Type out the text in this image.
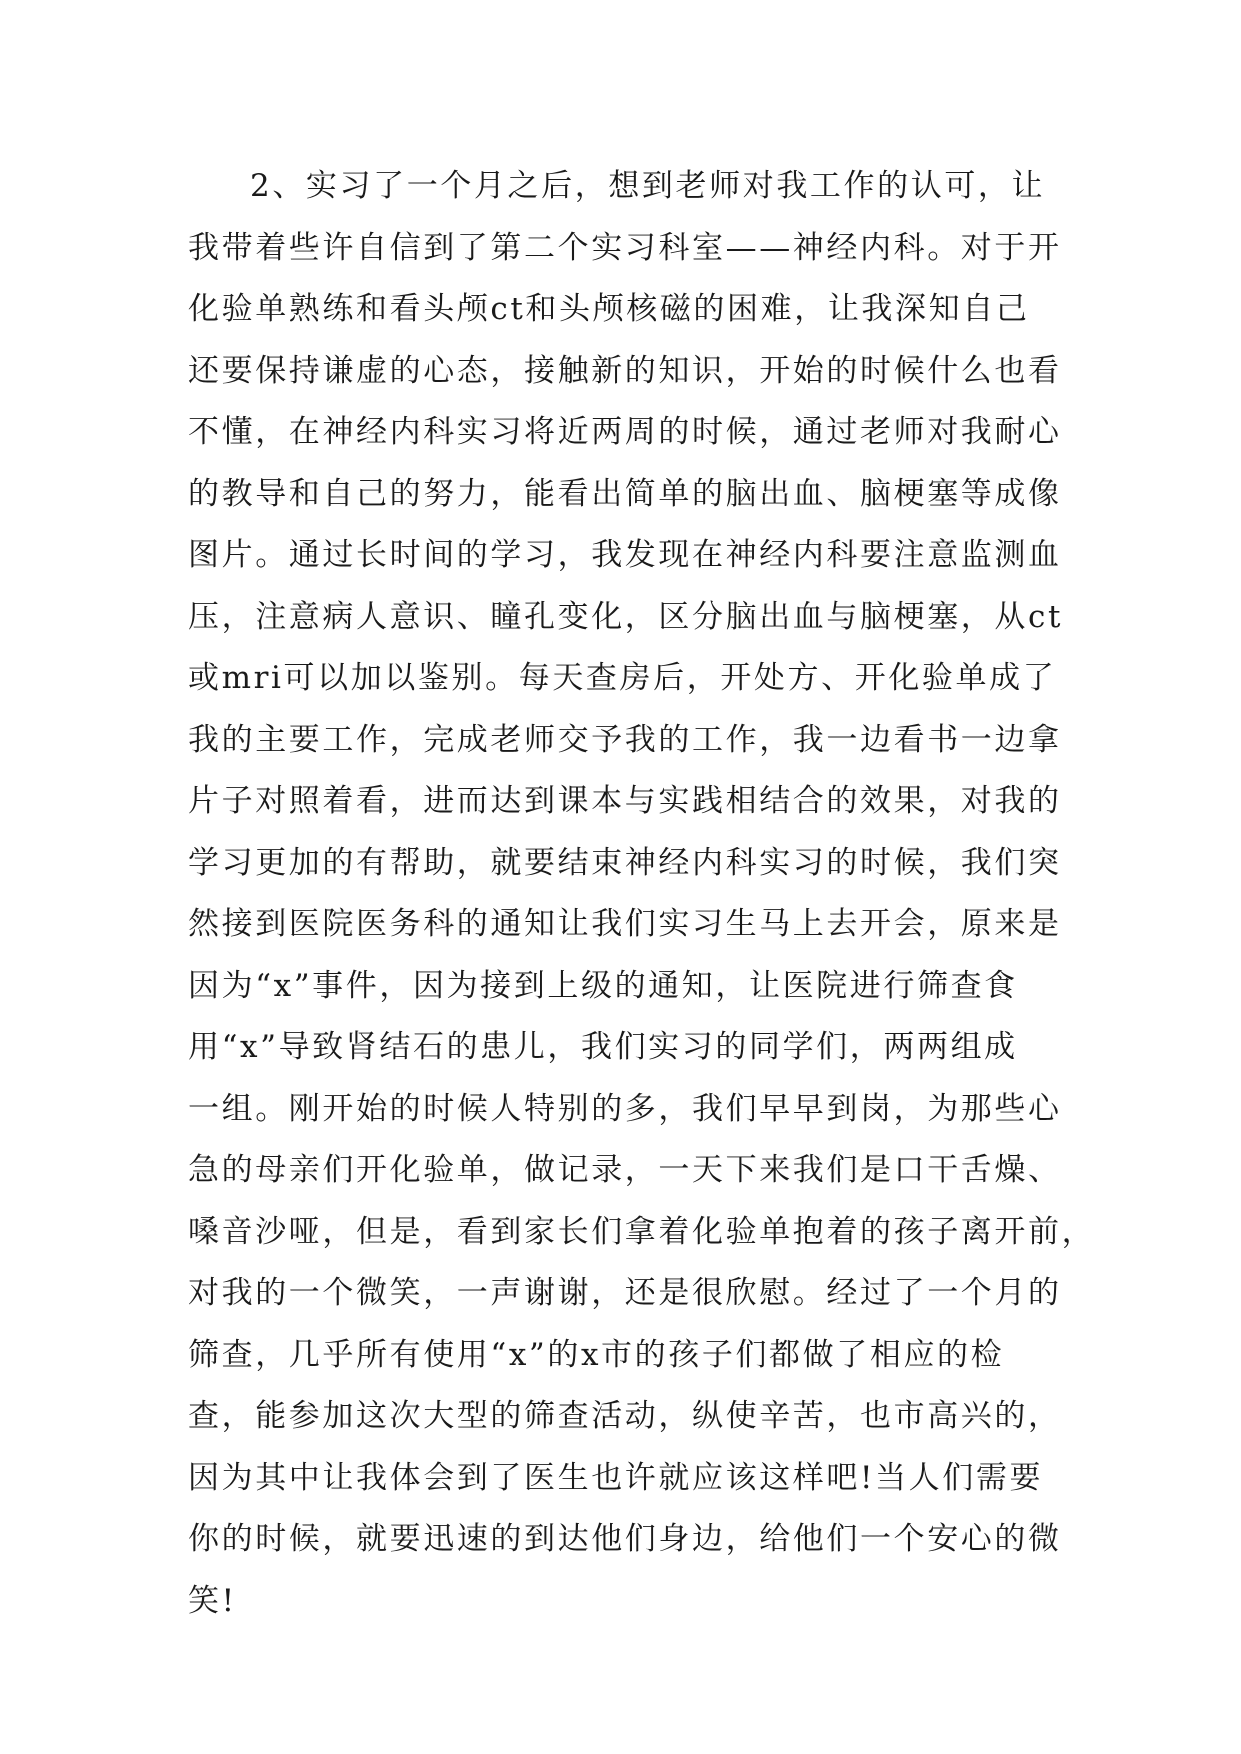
2、实习了一个月之后，想到老师对我工作的认可，让
我带着些许自信到了第二个实习科室——神经内科。对于开
化验单熟练和看头颅ct和头颅核磁的困难，让我深知自己
还要保持谦虚的心态，接触新的知识，开始的时候什么也看
不懂，在神经内科实习将近两周的时候，通过老师对我耐心
的教导和自己的努力，能看出简单的脑出血、脑梗塞等成像
图片。通过长时间的学习，我发现在神经内科要注意监测血
压，注意病人意识、瞳孔变化，区分脑出血与脑梗塞，从ct
或mri可以加以鉴别。每天查房后，开处方、开化验单成了
我的主要工作，完成老师交予我的工作，我一边看书一边拿
片子对照着看，进而达到课本与实践相结合的效果，对我的
学习更加的有帮助，就要结束神经内科实习的时候，我们突
然接到医院医务科的通知让我们实习生马上去开会，原来是
因为“x”事件，因为接到上级的通知，让医院进行筛查食
用“x”导致肾结石的患儿，我们实习的同学们，两两组成
一组。刚开始的时候人特别的多，我们早早到岗，为那些心
急的母亲们开化验单，做记录，一天下来我们是口干舌燥、
嗓音沙哑，但是，看到家长们拿着化验单抱着的孩子离开前，
对我的一个微笑，一声谢谢，还是很欣慰。经过了一个月的
筛查，几乎所有使用“x”的x市的孩子们都做了相应的检
查，能参加这次大型的筛查活动，纵使辛苦，也市高兴的，
因为其中让我体会到了医生也许就应该这样吧!当人们需要
你的时候，就要迅速的到达他们身边，给他们一个安心的微
笑!
